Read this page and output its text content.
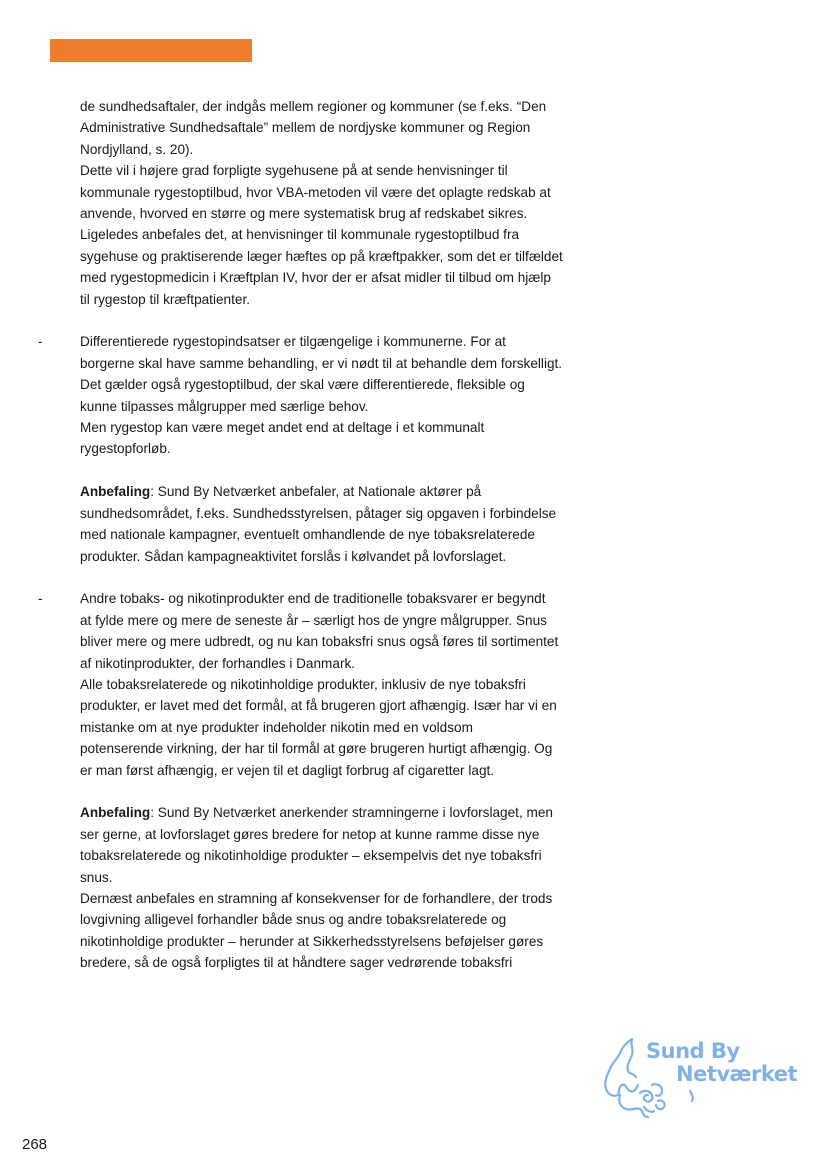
de sundhedsaftaler, der indgås mellem regioner og kommuner (se f.eks. “Den
Administrative Sundhedsaftale” mellem de nordjyske kommuner og Region
Nordjylland, s. 20).
Dette vil i højere grad forpligte sygehusene på at sende henvisninger til
kommunale rygestoptilbud, hvor VBA-metoden vil være det oplagte redskab at
anvende, hvorved en større og mere systematisk brug af redskabet sikres.
Ligeledes anbefales det, at henvisninger til kommunale rygestoptilbud fra
sygehuse og praktiserende læger hæftes op på kræftpakker, som det er tilfældet
med rygestopmedicin i Kræftplan IV, hvor der er afsat midler til tilbud om hjælp
til rygestop til kræftpatienter.
-	Differentierede rygestopindsatser er tilgængelige i kommunerne. For at
borgerne skal have samme behandling, er vi nødt til at behandle dem forskelligt.
Det gælder også rygestoptilbud, der skal være differentierede, fleksible og
kunne tilpasses målgrupper med særlige behov.
Men rygestop kan være meget andet end at deltage i et kommunalt
rygestopforløb.
Anbefaling: Sund By Netværket anbefaler, at Nationale aktører på
sundhedsområdet, f.eks. Sundhedsstyrelsen, påtager sig opgaven i forbindelse
med nationale kampagner, eventuelt omhandlende de nye tobaksrelaterede
produkter. Sådan kampagneaktivitet forslås i kølvandet på lovforslaget.
-	Andre tobaks- og nikotinprodukter end de traditionelle tobaksvarer er begyndt
at fylde mere og mere de seneste år – særligt hos de yngre målgrupper. Snus
bliver mere og mere udbredt, og nu kan tobaksfri snus også føres til sortimentet
af nikotinprodukter, der forhandles i Danmark.
Alle tobaksrelaterede og nikotinholdige produkter, inklusiv de nye tobaksfri
produkter, er lavet med det formål, at få brugeren gjort afhængig. Især har vi en
mistanke om at nye produkter indeholder nikotin med en voldsom
potenserende virkning, der har til formål at gøre brugeren hurtigt afhængig. Og
er man først afhængig, er vejen til et dagligt forbrug af cigaretter lagt.
Anbefaling: Sund By Netværket anerkender stramningerne i lovforslaget, men
ser gerne, at lovforslaget gøres bredere for netop at kunne ramme disse nye
tobaksrelaterede og nikotinholdige produkter – eksempelvis det nye tobaksfri
snus.
Dernæst anbefales en stramning af konsekvenser for de forhandlere, der trods
lovgivning alligevel forhandler både snus og andre tobaksrelaterede og
nikotinholdige produkter – herunder at Sikkerhedsstyrelsens beføjelser gøres
bredere, så de også forpligtes til at håndtere sager vedrørende tobaksfri
Sund By
Netværket
268
